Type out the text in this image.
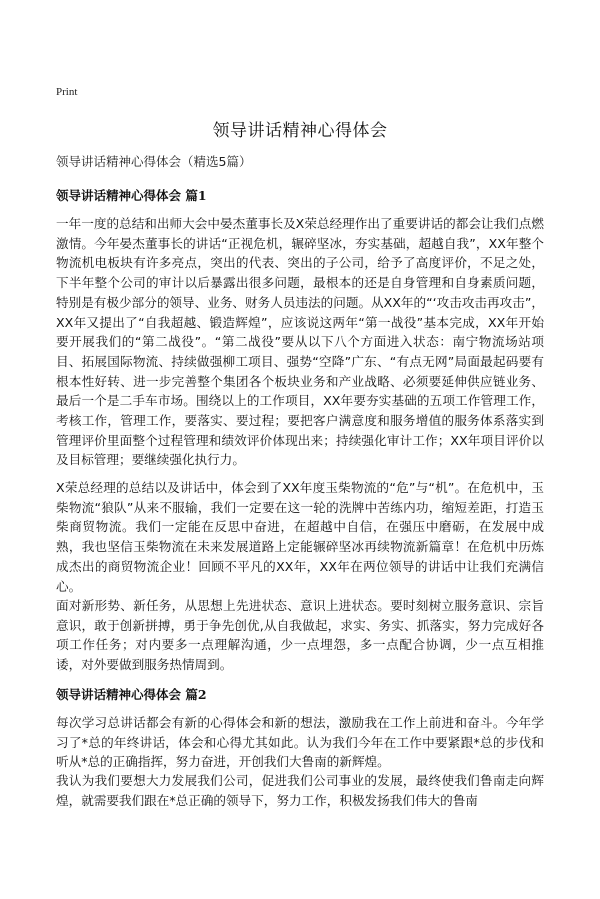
Print
领导讲话精神心得体会
领导讲话精神心得体会（精选5篇）
领导讲话精神心得体会 篇1
一年一度的总结和出师大会中晏杰董事长及X荣总经理作出了重要讲话的都会让我们点燃激情。今年晏杰董事长的讲话“正视危机，辗碎坚冰，夯实基础，超越自我”，XX年整个物流机电板块有许多亮点，突出的代表、突出的子公司，给予了高度评价，不足之处，下半年整个公司的审计以后暴露出很多问题，最根本的还是自身管理和自身素质问题，特别是有极少部分的领导、业务、财务人员违法的问题。从XX年的“‘攻击攻击再攻击”，XX年又提出了“自我超越、锻造辉煌”，应该说这两年“第一战役”基本完成，XX年开始要开展我们的“第二战役”。“第二战役”要从以下八个方面进入状态：南宁物流场站项目、拓展国际物流、持续做强柳工项目、强势“空降”广东、“有点无网”局面最起码要有根本性好转、进一步完善整个集团各个板块业务和产业战略、必须要延伸供应链业务、最后一个是二手车市场。围绕以上的工作项目，XX年要夯实基础的五项工作管理工作，考核工作，管理工作，要落实、要过程；要把客户满意度和服务增值的服务体系落实到管理评价里面整个过程管理和绩效评价体现出来；持续强化审计工作；XX年项目评价以及目标管理；要继续强化执行力。
X荣总经理的总结以及讲话中，体会到了XX年度玉柴物流的“危”与“机”。在危机中，玉柴物流“狼队”从来不服输，我们一定要在这一轮的洗牌中苦练内功，缩短差距，打造玉柴商贸物流。我们一定能在反思中奋进，在超越中自信，在强压中磨砺，在发展中成熟，我也坚信玉柴物流在未来发展道路上定能辗碎坚冰再续物流新篇章！在危机中历炼成杰出的商贸物流企业！回顾不平凡的XX年，XX年在两位领导的讲话中让我们充满信心。
面对新形势、新任务，从思想上先进状态、意识上进状态。要时刻树立服务意识、宗旨意识，敢于创新拼搏，勇于争先创优,从自我做起，求实、务实、抓落实，努力完成好各项工作任务；对内要多一点理解沟通，少一点埋怨，多一点配合协调，少一点互相推诿，对外要做到服务热情周到。
领导讲话精神心得体会 篇2
每次学习总讲话都会有新的心得体会和新的想法，激励我在工作上前进和奋斗。今年学习了*总的年终讲话，体会和心得尤其如此。认为我们今年在工作中要紧跟*总的步伐和听从*总的正确指挥，努力奋进，开创我们大鲁南的新辉煌。
我认为我们要想大力发展我们公司，促进我们公司事业的发展，最终使我们鲁南走向辉煌，就需要我们跟在*总正确的领导下，努力工作，积极发扬我们伟大的鲁南
